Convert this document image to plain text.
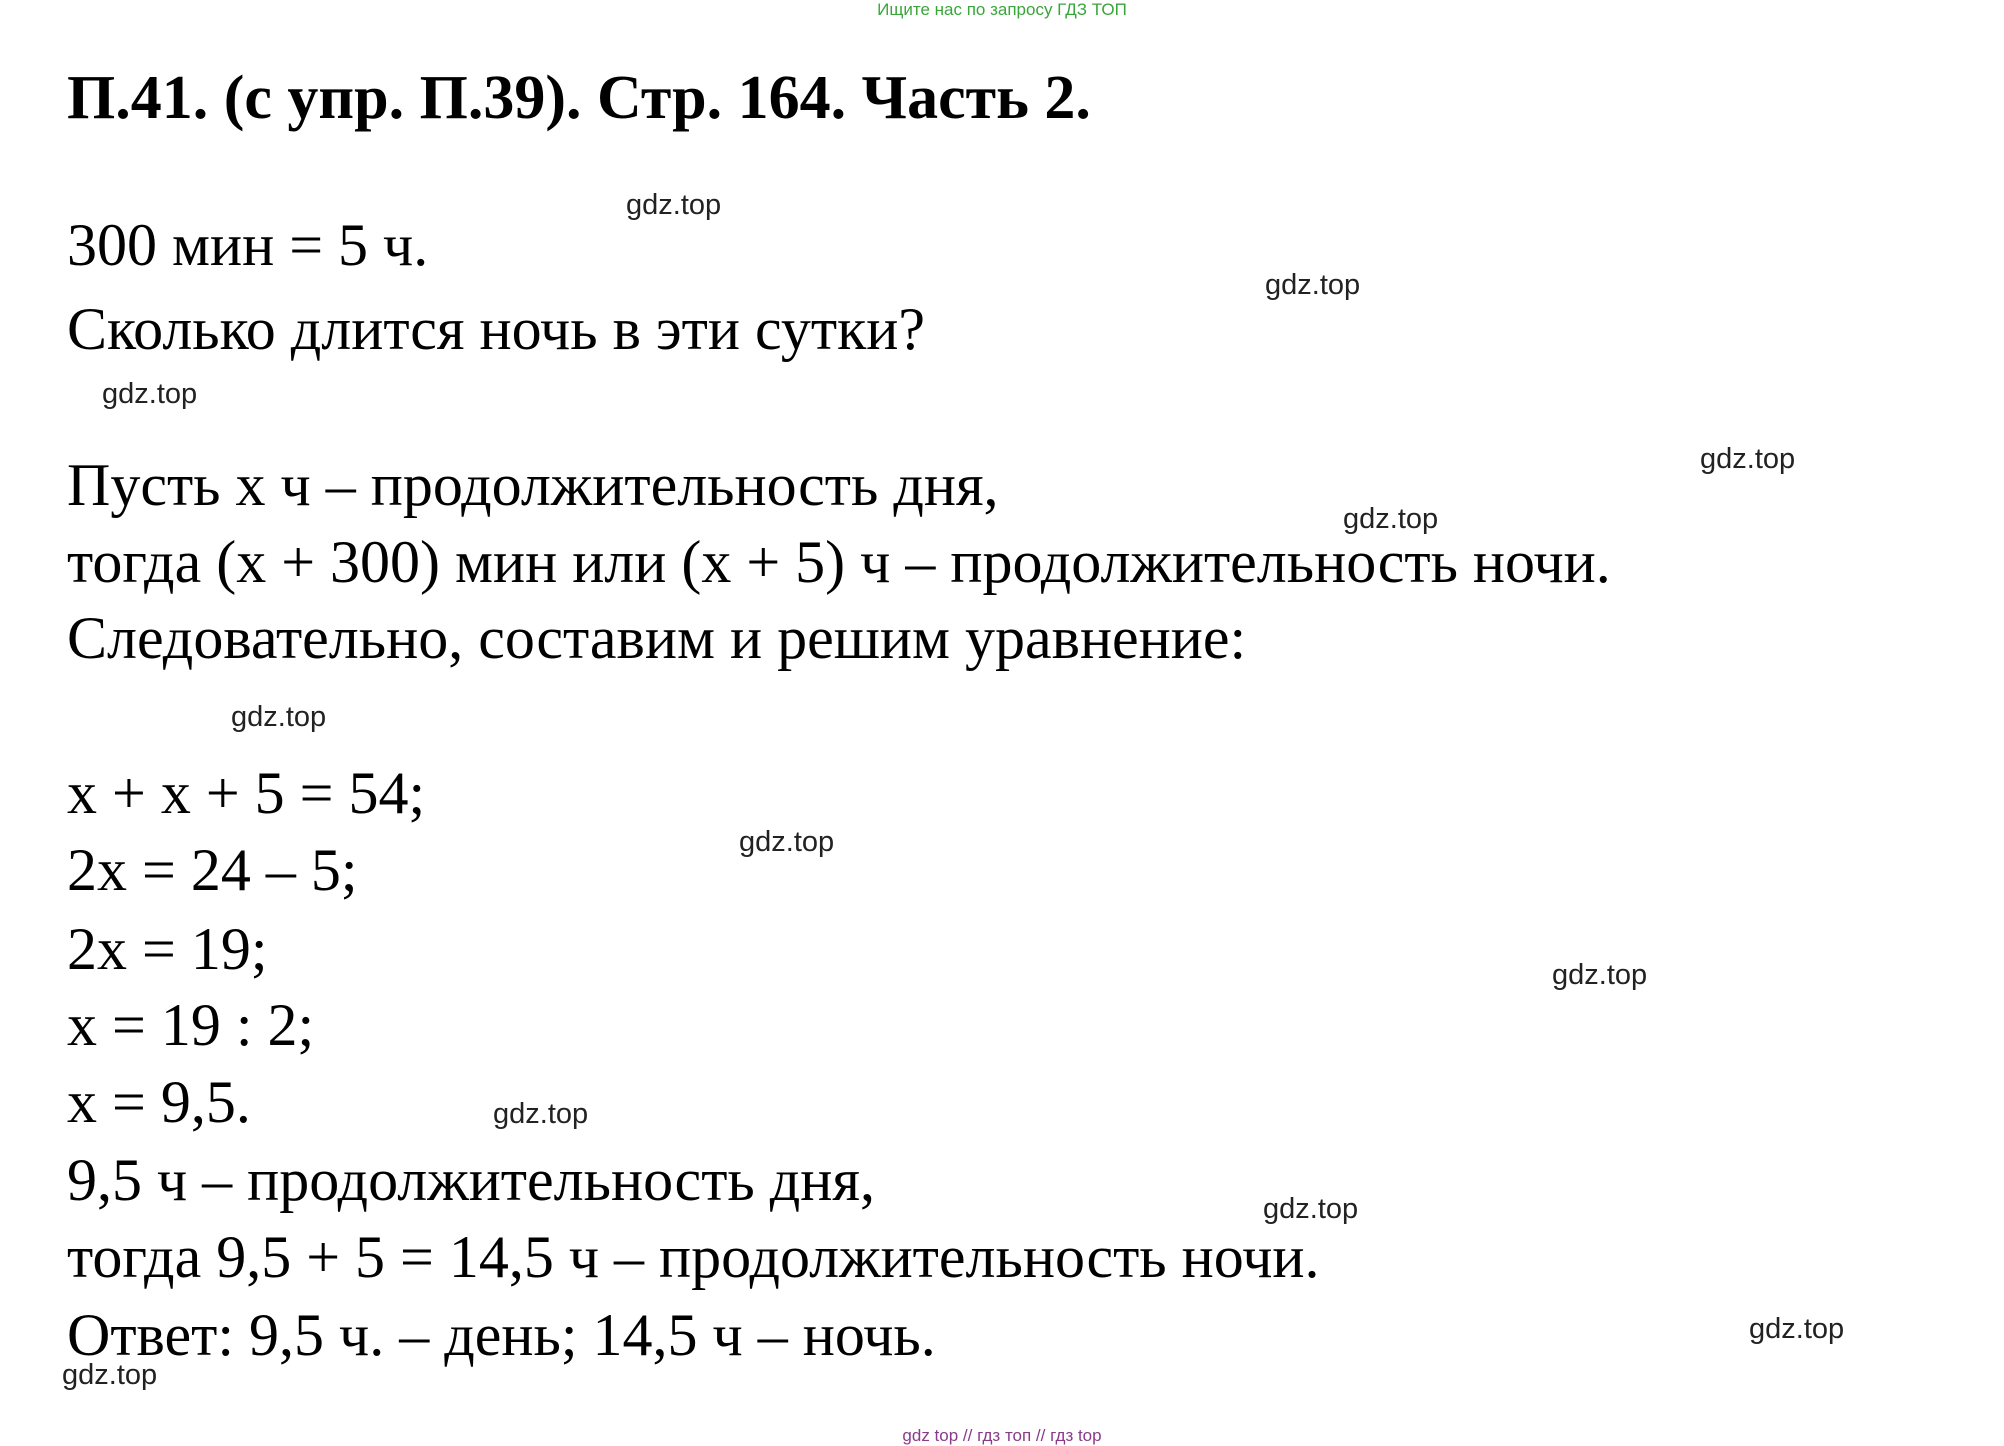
Ищите нас по запросу ГДЗ ТОП
П.41. (с упр. П.39). Стр. 164. Часть 2.
300 мин = 5 ч.
Сколько длится ночь в эти сутки?
Пусть х ч – продолжительность дня,
тогда (х + 300) мин или (х + 5) ч – продолжительность ночи.
Следовательно, составим и решим уравнение:
х + х + 5 = 54;
2х = 24 – 5;
2х = 19;
х = 19 : 2;
х = 9,5.
9,5 ч – продолжительность дня,
тогда 9,5 + 5 = 14,5 ч – продолжительность ночи.
Ответ: 9,5 ч. – день; 14,5 ч – ночь.
gdz.top
gdz.top
gdz.top
gdz.top
gdz.top
gdz.top
gdz.top
gdz.top
gdz.top
gdz.top
gdz.top
gdz.top
gdz top // гдз топ // гдз top
